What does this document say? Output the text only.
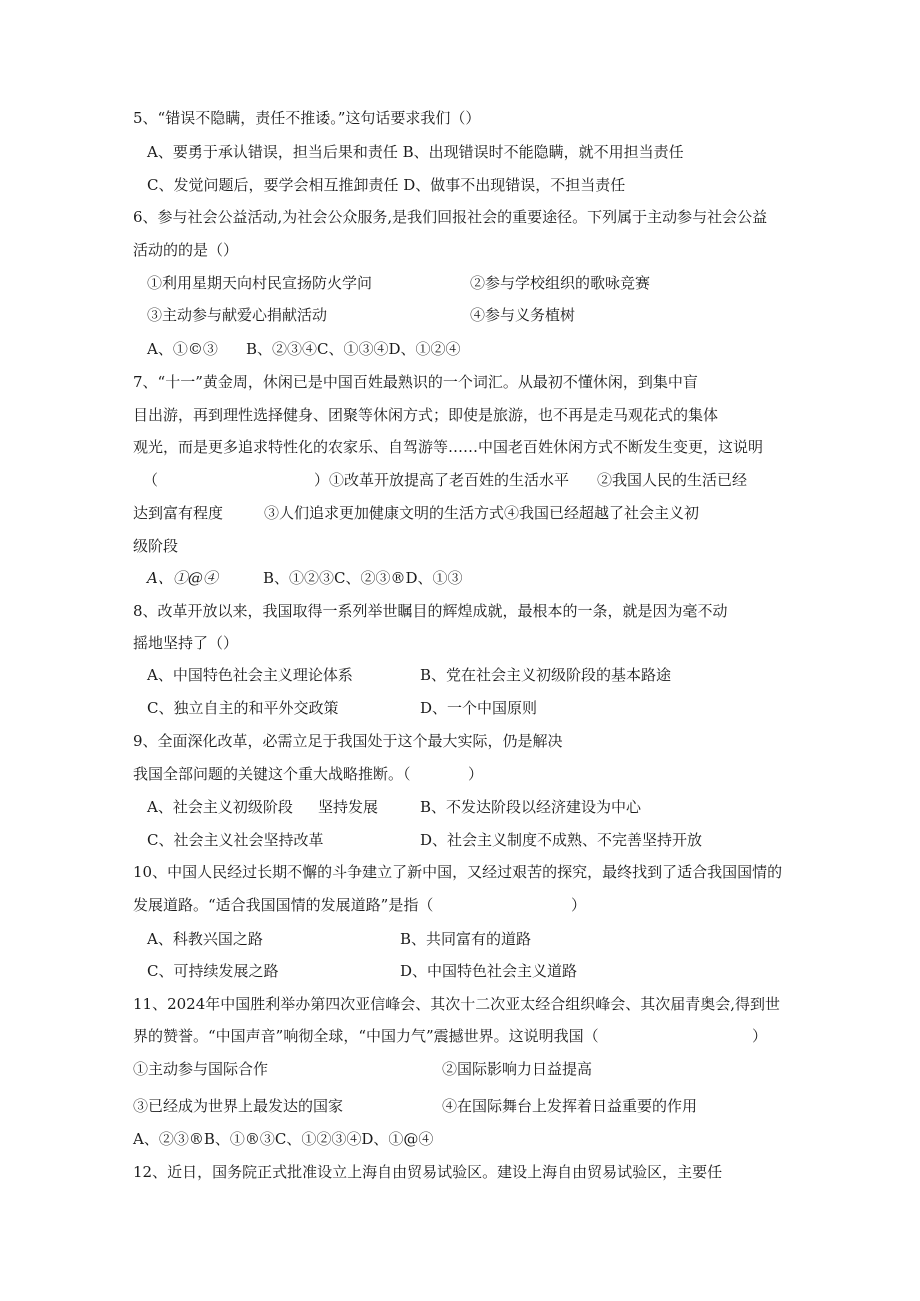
5、“错误不隐瞒，责任不推诿。”这句话要求我们（）
A、要勇于承认错误，担当后果和责任 B、出现错误时不能隐瞒，就不用担当责任
C、发觉问题后，要学会相互推卸责任 D、做事不出现错误，不担当责任
6、参与社会公益活动,为社会公众服务,是我们回报社会的重要途径。下列属于主动参与社会公益
活动的的是（）
①利用星期天向村民宣扬防火学问	②参与学校组织的歌咏竞赛
③主动参与献爱心捐献活动	④参与义务植树
A、①©③ B、②③④C、①③④D、①②④
7、“十一”黄金周，休闲已是中国百姓最熟识的一个词汇。从最初不懂休闲，到集中盲
目出游，再到理性选择健身、团聚等休闲方式；即使是旅游，也不再是走马观花式的集体
观光，而是更多追求特性化的农家乐、自驾游等……中国老百姓休闲方式不断发生变更，这说明
（	）①改革开放提高了老百姓的生活水平 ②我国人民的生活已经
达到富有程度	③人们追求更加健康文明的生活方式④我国已经超越了社会主义初
级阶段
A、①@④	B、①②③C、②③®D、①③
8、改革开放以来，我国取得一系列举世瞩目的辉煌成就，最根本的一条，就是因为毫不动
摇地坚持了（）
A、中国特色社会主义理论体系	B、党在社会主义初级阶段的基本路途
C、独立自主的和平外交政策	D、一个中国原则
9、全面深化改革，必需立足于我国处于这个最大实际，仍是解决
我国全部问题的关键这个重大战略推断。（	）
A、社会主义初级阶段 坚持发展	B、不发达阶段以经济建设为中心
C、社会主义社会坚持改革	D、社会主义制度不成熟、不完善坚持开放
10、中国人民经过长期不懈的斗争建立了新中国，又经过艰苦的探究，最终找到了适合我国国情的
发展道路。“适合我国国情的发展道路”是指（	）
A、科教兴国之路	B、共同富有的道路
C、可持续发展之路	D、中国特色社会主义道路
11、2024年中国胜利举办第四次亚信峰会、其次十二次亚太经合组织峰会、其次届青奥会,得到世
界的赞誉。“中国声音”响彻全球，“中国力气”震撼世界。这说明我国（	）
①主动参与国际合作	②国际影响力日益提高
③已经成为世界上最发达的国家	④在国际舞台上发挥着日益重要的作用
A、②③®B、①®③C、①②③④D、①@④
12、近日，国务院正式批准设立上海自由贸易试验区。建设上海自由贸易试验区，主要任
